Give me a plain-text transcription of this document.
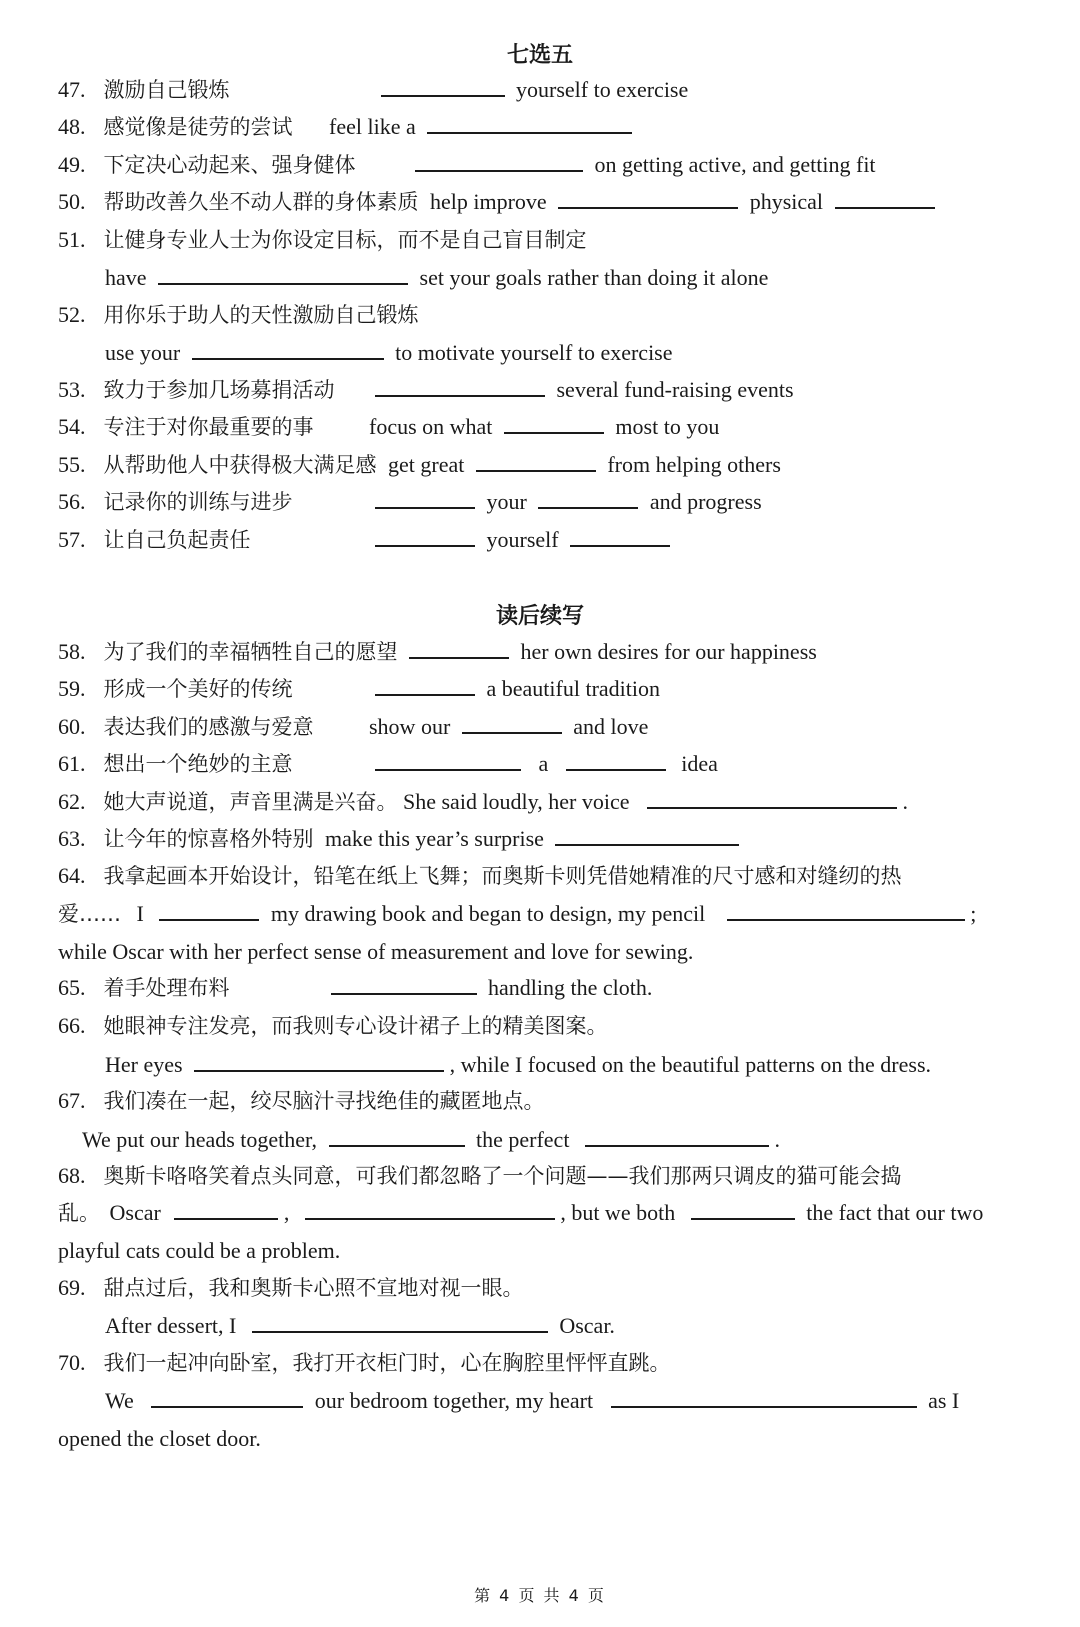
七选五
47. 激励自己锻炼	yourself to exercise
48. 感觉像是徒劳的尝试 feel like a
49. 下定决心动起来、强身健体	on getting active, and getting fit
50. 帮助改善久坐不动人群的身体素质 help improve	physical
51. 让健身专业人士为你设定目标，而不是自己盲目制定
have	set your goals rather than doing it alone
52. 用你乐于助人的天性激励自己锻炼
use your	to motivate yourself to exercise
53. 致力于参加几场募捐活动	several fund-raising events
54. 专注于对你最重要的事	focus on what	most to you
55. 从帮助他人中获得极大满足感 get great	from helping others
56. 记录你的训练与进步	your	and progress
57. 让自己负起责任	yourself
读后续写
58. 为了我们的幸福牺牲自己的愿望	her own desires for our happiness
59. 形成一个美好的传统	a beautiful tradition
60. 表达我们的感激与爱意	show our	and love
61. 想出一个绝妙的主意	a	idea
62. 她大声说道，声音里满是兴奋。 She said loudly, her voice	.
63. 让今年的惊喜格外特别 make this year’s surprise
64. 我拿起画本开始设计，铅笔在纸上飞舞；而奥斯卡则凭借她精准的尺寸感和对缝纫的热
爱…… I	my drawing book and began to design, my pencil	;
while Oscar with her perfect sense of measurement and love for sewing.
65. 着手处理布料	handling the cloth.
66. 她眼神专注发亮，而我则专心设计裙子上的精美图案。
Her eyes	, while I focused on the beautiful patterns on the dress.
67. 我们凑在一起，绞尽脑汁寻找绝佳的藏匿地点。
We put our heads together,	the perfect	.
68. 奥斯卡咯咯笑着点头同意，可我们都忽略了一个问题——我们那两只调皮的猫可能会捣
乱。 Oscar	,	, but we both	the fact that our two
playful cats could be a problem.
69. 甜点过后，我和奥斯卡心照不宣地对视一眼。
After dessert, I	Oscar.
70. 我们一起冲向卧室，我打开衣柜门时，心在胸腔里怦怦直跳。
We	our bedroom together, my heart	as I
opened the closet door.
第 4 页 共 4 页
